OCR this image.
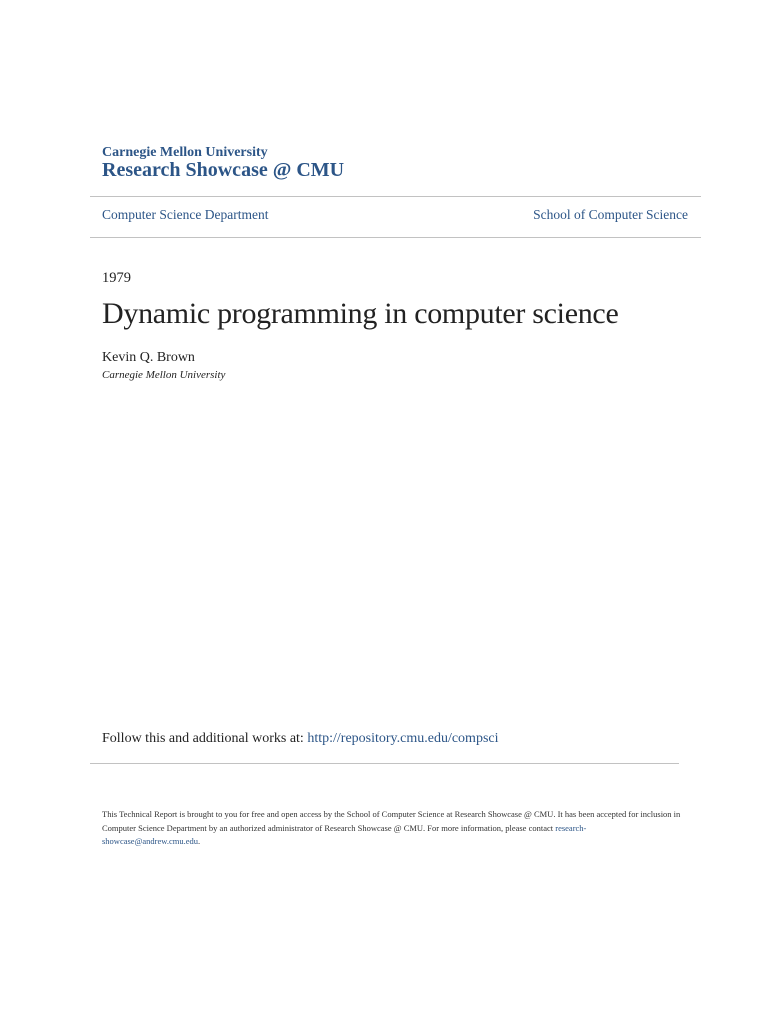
Carnegie Mellon University
Research Showcase @ CMU
Computer Science Department	School of Computer Science
1979
Dynamic programming in computer science
Kevin Q. Brown
Carnegie Mellon University
Follow this and additional works at: http://repository.cmu.edu/compsci
This Technical Report is brought to you for free and open access by the School of Computer Science at Research Showcase @ CMU. It has been accepted for inclusion in Computer Science Department by an authorized administrator of Research Showcase @ CMU. For more information, please contact research-showcase@andrew.cmu.edu.
